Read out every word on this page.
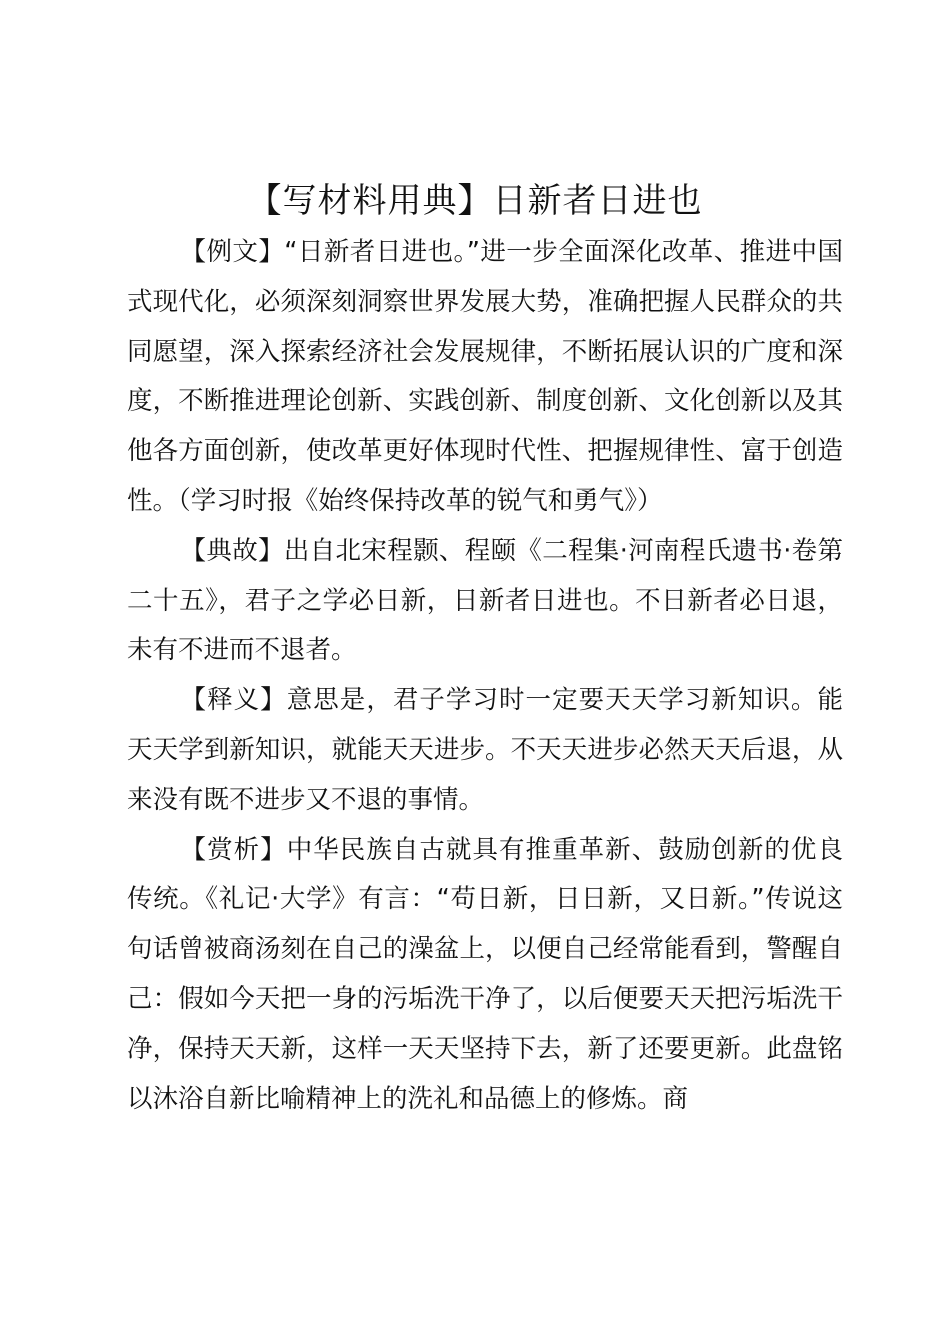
【写材料用典】日新者日进也

【例文】“日新者日进也。”进一步全面深化改革、推进中国式现代化，必须深刻洞察世界发展大势，准确把握人民群众的共同愿望，深入探索经济社会发展规律，不断拓展认识的广度和深度，不断推进理论创新、实践创新、制度创新、文化创新以及其他各方面创新，使改革更好体现时代性、把握规律性、富于创造性。（学习时报《始终保持改革的锐气和勇气》）

【典故】出自北宋程颢、程颐《二程集·河南程氏遗书·卷第二十五》，君子之学必日新，日新者日进也。不日新者必日退，未有不进而不退者。

【释义】意思是，君子学习时一定要天天学习新知识。能天天学到新知识，就能天天进步。不天天进步必然天天后退，从来没有既不进步又不退的事情。

【赏析】中华民族自古就具有推重革新、鼓励创新的优良传统。《礼记·大学》有言：“苟日新，日日新，又日新。”传说这句话曾被商汤刻在自己的澡盆上，以便自己经常能看到，警醒自己：假如今天把一身的污垢洗干净了，以后便要天天把污垢洗干净，保持天天新，这样一天天坚持下去，新了还要更新。此盘铭以沐浴自新比喻精神上的洗礼和品德上的修炼。商
